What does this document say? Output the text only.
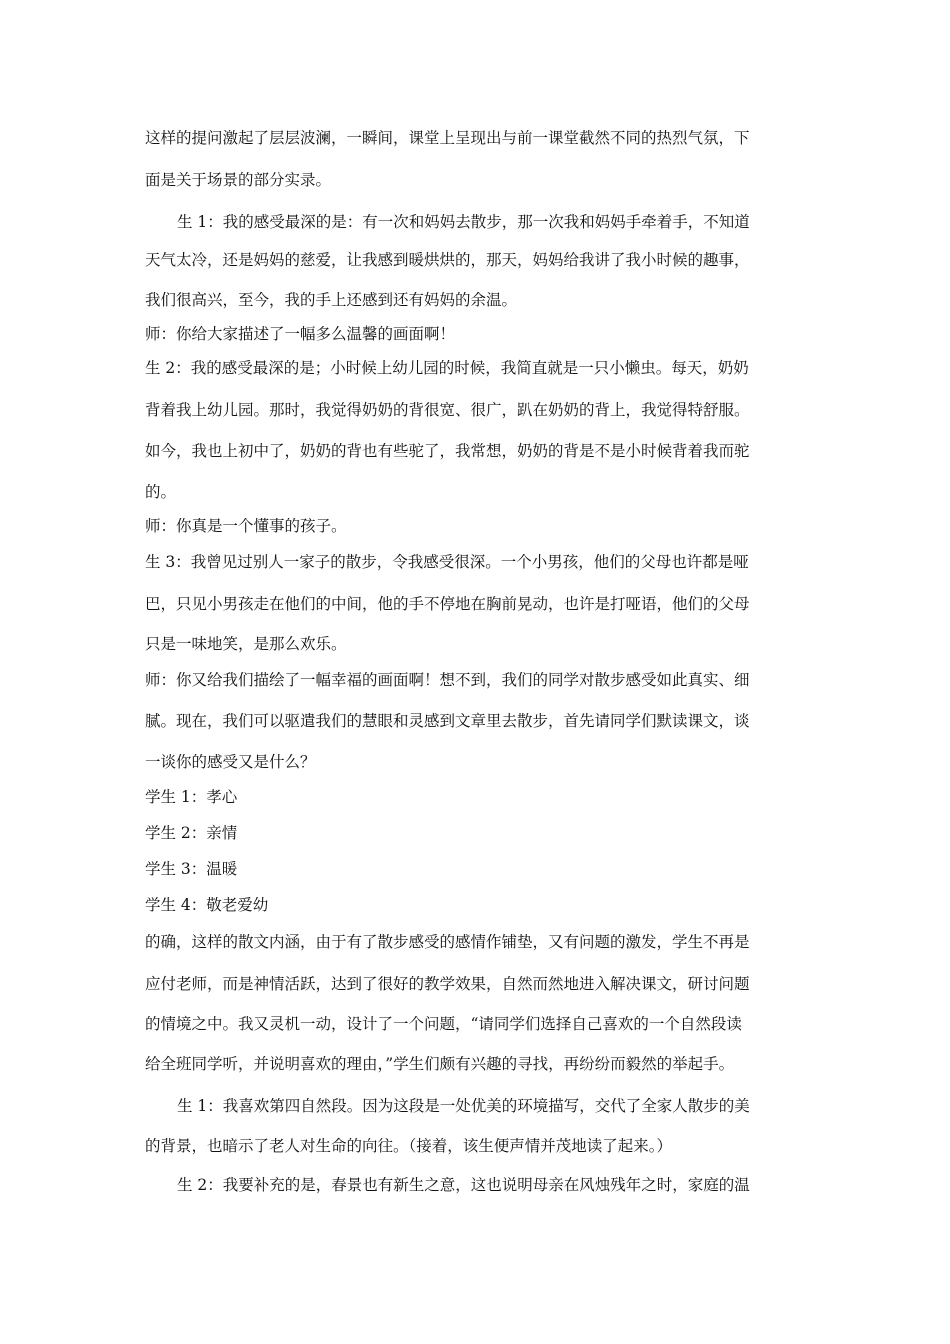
这样的提问激起了层层波澜，一瞬间，课堂上呈现出与前一课堂截然不同的热烈气氛，下
面是关于场景的部分实录。
生 1：我的感受最深的是：有一次和妈妈去散步，那一次我和妈妈手牵着手，不知道
天气太冷，还是妈妈的慈爱，让我感到暖烘烘的，那天，妈妈给我讲了我小时候的趣事，
我们很高兴，至今，我的手上还感到还有妈妈的余温。
师：你给大家描述了一幅多么温馨的画面啊！
生 2：我的感受最深的是；小时候上幼儿园的时候，我简直就是一只小懒虫。每天，奶奶
背着我上幼儿园。那时，我觉得奶奶的背很宽、很广，趴在奶奶的背上，我觉得特舒服。
如今，我也上初中了，奶奶的背也有些驼了，我常想，奶奶的背是不是小时候背着我而驼
的。
师：你真是一个懂事的孩子。
生 3：我曾见过别人一家子的散步，令我感受很深。一个小男孩，他们的父母也许都是哑
巴，只见小男孩走在他们的中间，他的手不停地在胸前晃动，也许是打哑语，他们的父母
只是一味地笑，是那么欢乐。
师：你又给我们描绘了一幅幸福的画面啊！想不到，我们的同学对散步感受如此真实、细
腻。现在，我们可以驱遣我们的慧眼和灵感到文章里去散步，首先请同学们默读课文，谈
一谈你的感受又是什么？
学生 1：孝心
学生 2：亲情
学生 3：温暖
学生 4：敬老爱幼
的确，这样的散文内涵，由于有了散步感受的感情作铺垫，又有问题的激发，学生不再是
应付老师，而是神情活跃，达到了很好的教学效果，自然而然地进入解决课文，研讨问题
的情境之中。我又灵机一动，设计了一个问题，“请同学们选择自己喜欢的一个自然段读
给全班同学听，并说明喜欢的理由，”学生们颇有兴趣的寻找，再纷纷而毅然的举起手。
生 1：我喜欢第四自然段。因为这段是一处优美的环境描写，交代了全家人散步的美
的背景，也暗示了老人对生命的向往。（接着，该生便声情并茂地读了起来。）
生 2：我要补充的是，春景也有新生之意，这也说明母亲在风烛残年之时，家庭的温
